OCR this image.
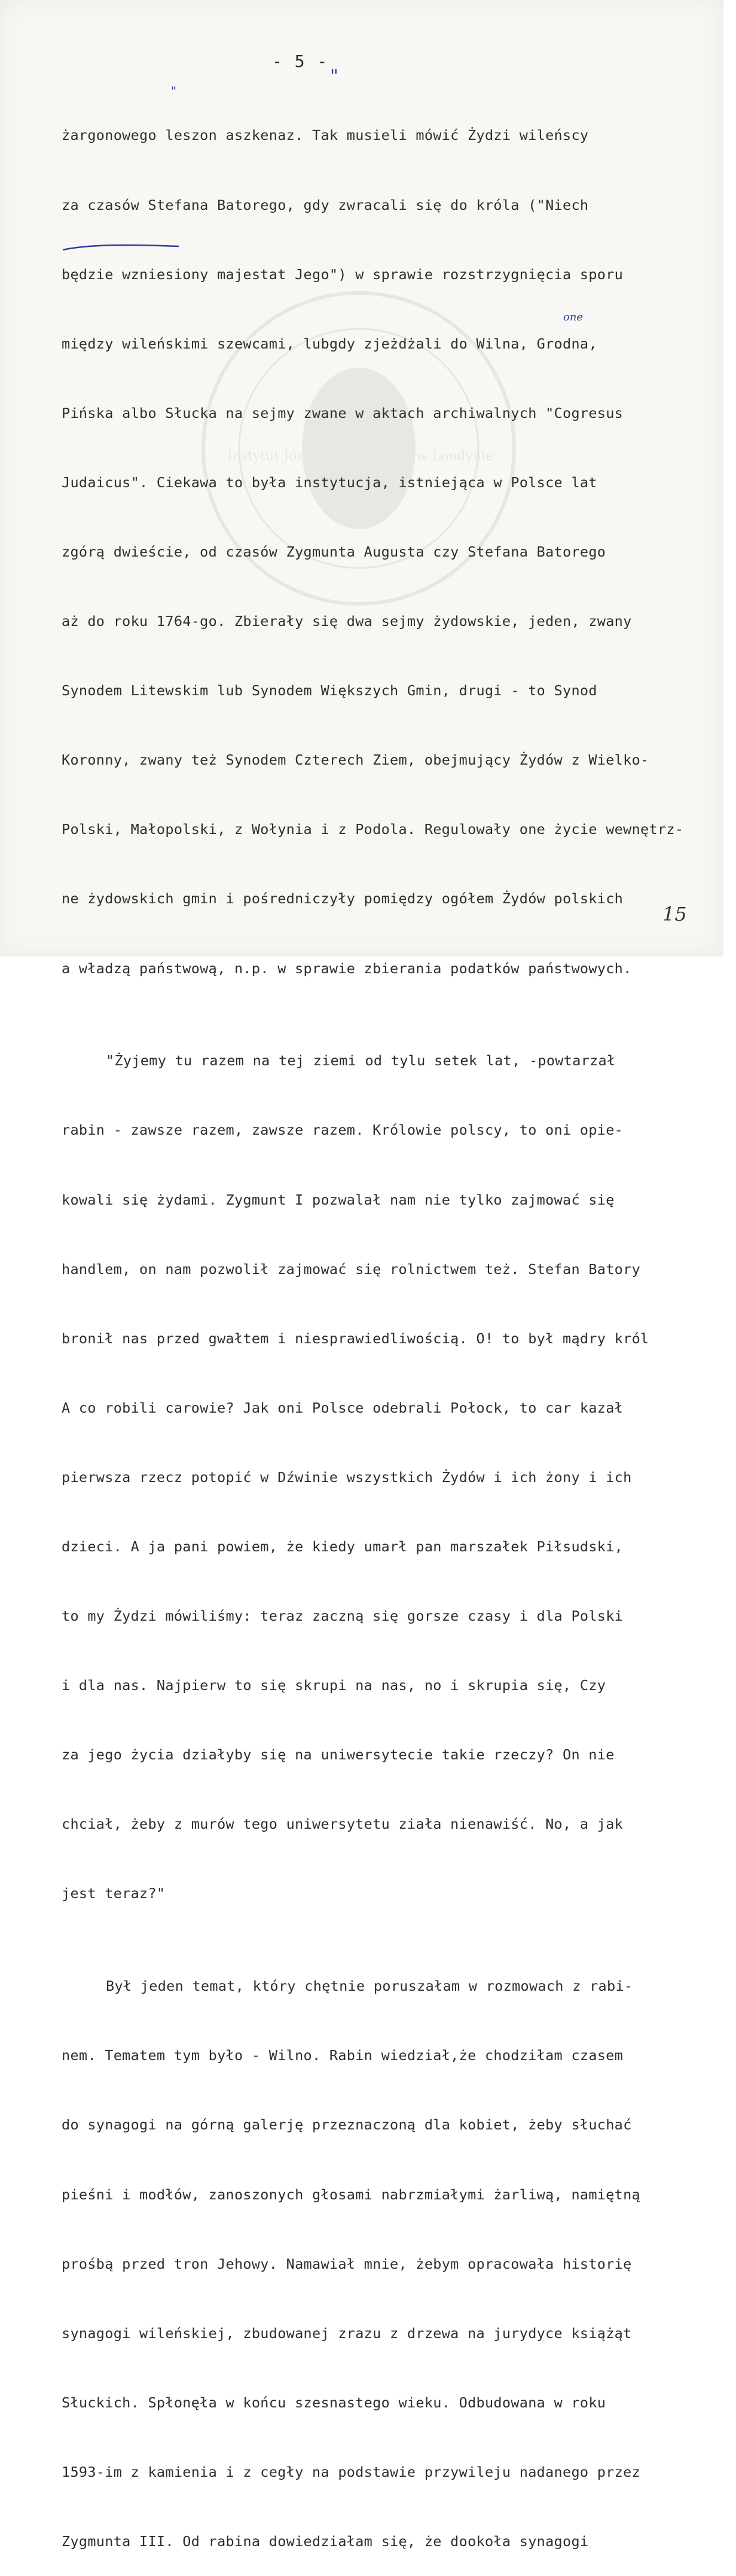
- 5 -

żargonowego leszon aszkenaz. Tak musieli mówić Żydzi wileńscy

za czasów Stefana Batorego, gdy zwracali się do króla ("Niech

będzie wzniesiony majestat Jego") w sprawie rozstrzygnięcia sporu

między wileńskimi szewcami, lubgdy zjeżdżali do Wilna, Grodna,

Pińska albo Słucka na sejmy zwane w aktach archiwalnych "Cogresus

Judaicus". Ciekawa to była instytucja, istniejąca w Polsce lat

zgórą dwieście, od czasów Zygmunta Augusta czy Stefana Batorego

aż do roku 1764-go. Zbierały się dwa sejmy żydowskie, jeden, zwany

Synodem Litewskim lub Synodem Większych Gmin, drugi - to Synod

Koronny, zwany też Synodem Czterech Ziem, obejmujący Żydów z Wielko-

Polski, Małopolski, z Wołynia i z Podola. Regulowały one życie wewnętrz-

ne żydowskich gmin i pośredniczyły pomiędzy ogółem Żydów polskich

a władzą państwową, n.p. w sprawie zbierania podatków państwowych.

"Żyjemy tu razem na tej ziemi od tylu setek lat, -powtarzał

rabin - zawsze razem, zawsze razem. Królowie polscy, to oni opie-

kowali się żydami. Zygmunt I pozwalał nam nie tylko zajmować się

handlem, on nam pozwolił zajmować się rolnictwem też. Stefan Batory

bronił nas przed gwałtem i niesprawiedliwością. O! to był mądry król

A co robili carowie? Jak oni Polsce odebrali Połock, to car kazał

pierwsza rzecz potopić w Dźwinie wszystkich Żydów i ich żony i ich

dzieci. A ja pani powiem, że kiedy umarł pan marszałek Piłsudski,

to my Żydzi mówiliśmy: teraz zaczną się gorsze czasy i dla Polski

i dla nas. Najpierw to się skrupi na nas, no i skrupia się, Czy

za jego życia działyby się na uniwersytecie takie rzeczy? On nie

chciał, żeby z murów tego uniwersytetu ziała nienawiść. No, a jak

jest teraz?"

Był jeden temat, który chętnie poruszałam w rozmowach z rabi-

nem. Tematem tym było - Wilno. Rabin wiedział,że chodziłam czasem

do synagogi na górną galerję przeznaczoną dla kobiet, żeby słuchać

pieśni i modłów, zanoszonych głosami nabrzmiałymi żarliwą, namiętną

prośbą przed tron Jehowy. Namawiał mnie, żebym opracowała historię

synagogi wileńskiej, zbudowanej zrazu z drzewa na jurydyce książąt

Słuckich. Spłonęła w końcu szesnastego wieku. Odbudowana w roku

1593-im z kamienia i z cegły na podstawie przywileju nadanego przez

Zygmunta III. Od rabina dowiedziałam się, że dookoła synagogi

one
"
"
15
